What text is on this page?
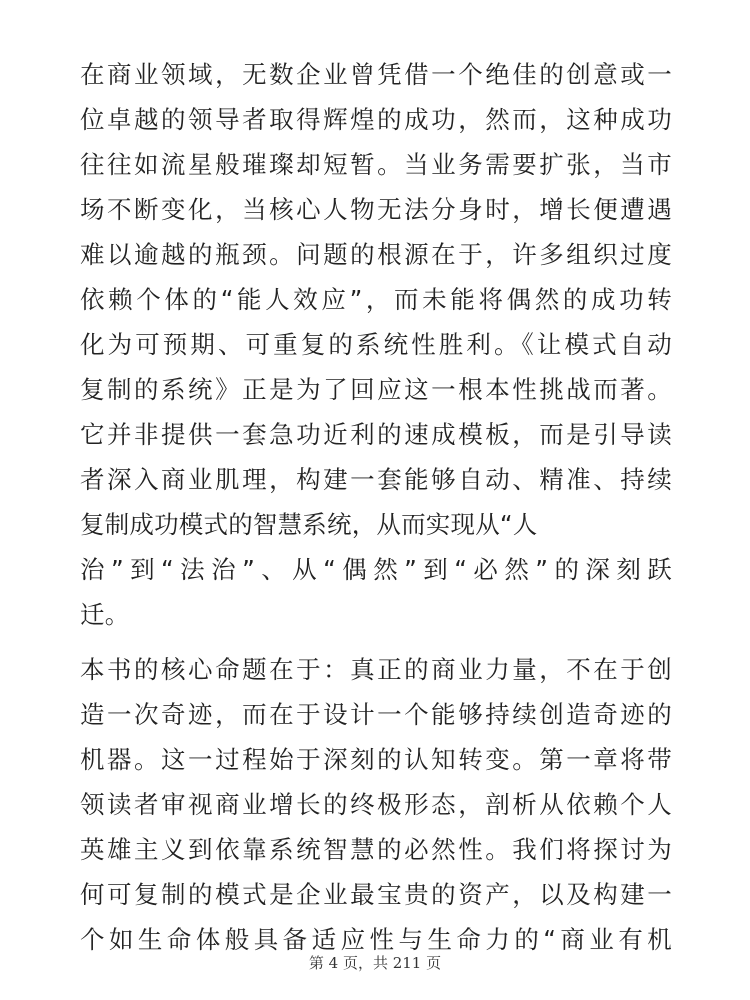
在商业领域，无数企业曾凭借一个绝佳的创意或一
位卓越的领导者取得辉煌的成功，然而，这种成功
往往如流星般璀璨却短暂。当业务需要扩张，当市
场不断变化，当核心人物无法分身时，增长便遭遇
难以逾越的瓶颈。问题的根源在于，许多组织过度
依赖个体的“能人效应”，而未能将偶然的成功转
化为可预期、可重复的系统性胜利。《让模式自动
复制的系统》正是为了回应这一根本性挑战而著。
它并非提供一套急功近利的速成模板，而是引导读
者深入商业肌理，构建一套能够自动、精准、持续
复制成功模式的智慧系统，从而实现从“人
治”到“法治”、从“偶然”到“必然”的深刻跃
迁。
本书的核心命题在于：真正的商业力量，不在于创
造一次奇迹，而在于设计一个能够持续创造奇迹的
机器。这一过程始于深刻的认知转变。第一章将带
领读者审视商业增长的终极形态，剖析从依赖个人
英雄主义到依靠系统智慧的必然性。我们将探讨为
何可复制的模式是企业最宝贵的资产，以及构建一
个如生命体般具备适应性与生命力的“商业有机
第 4 页，共 211 页
